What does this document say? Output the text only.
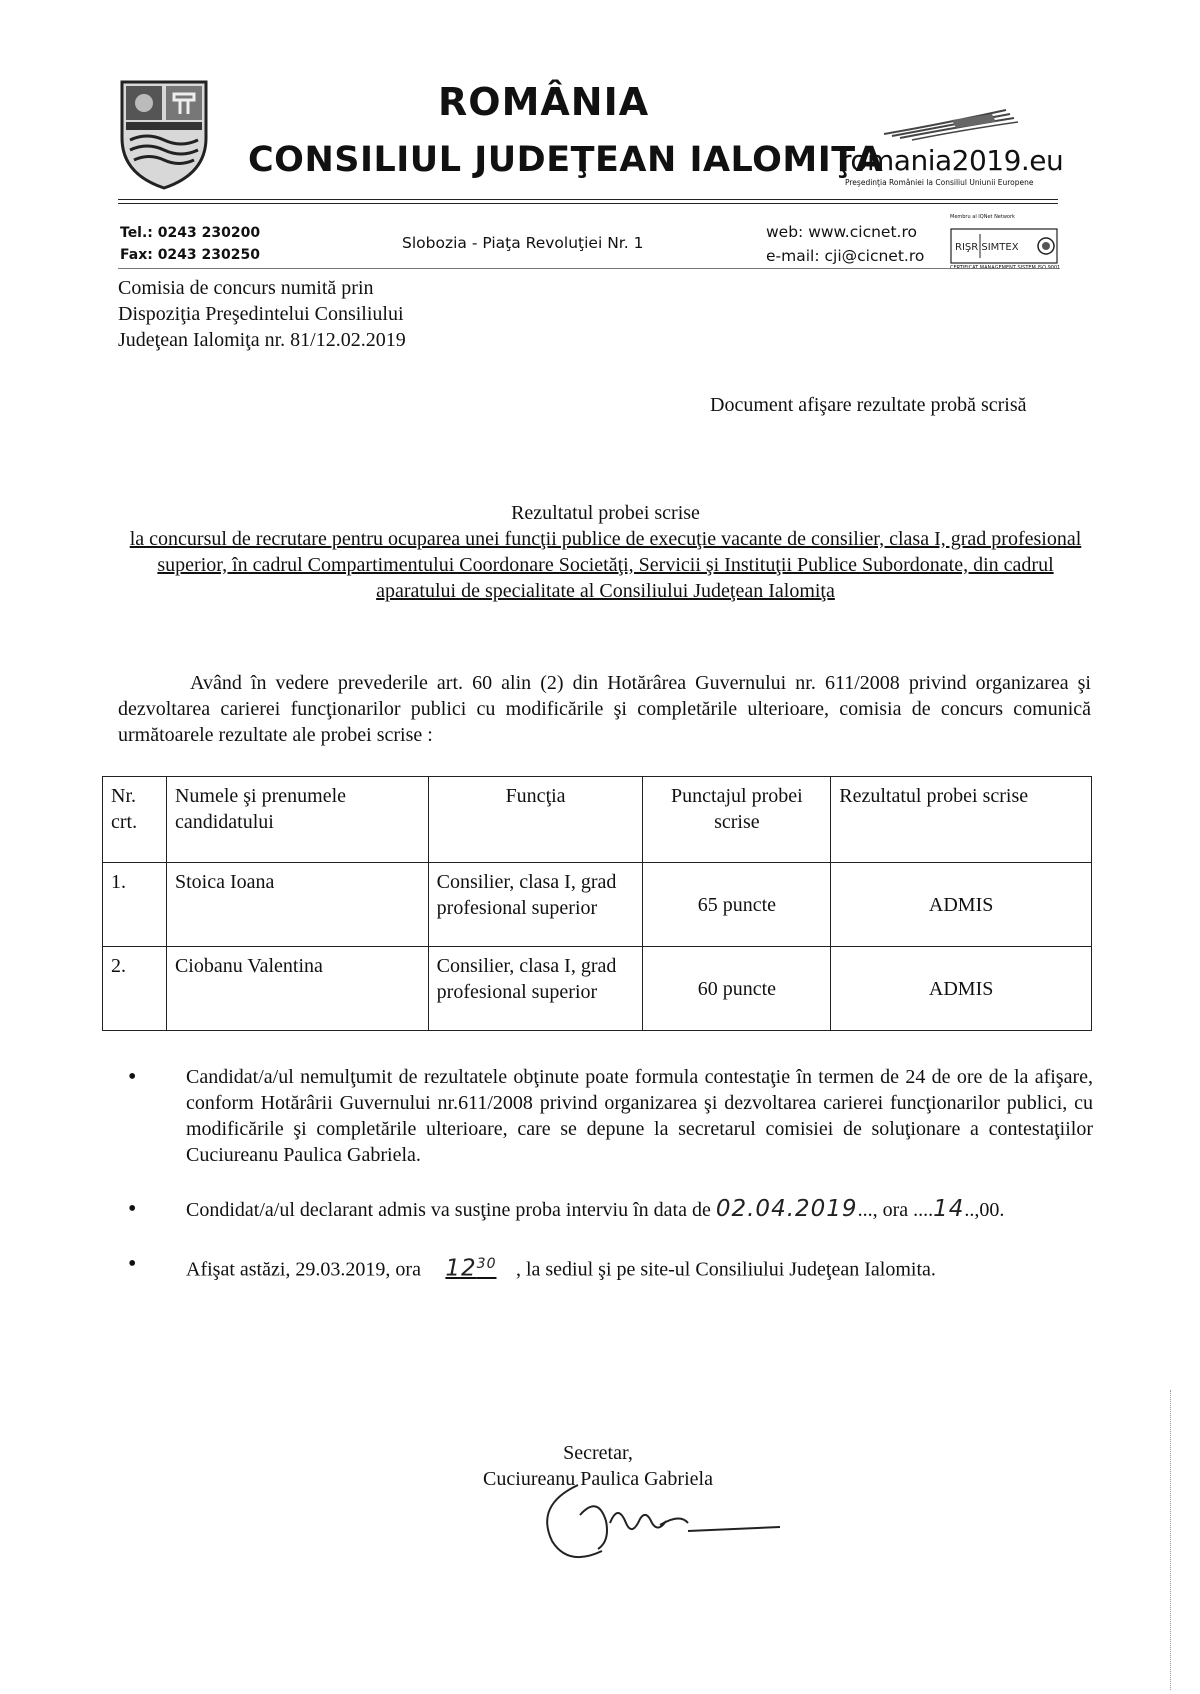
ROMÂNIA
CONSILIUL JUDEŢEAN IALOMIŢA
romania2019.eu
Preşedinţia României la Consiliul Uniunii Europene
Tel.: 0243 230200
Fax: 0243 230250
Slobozia - Piaţa Revoluţiei Nr. 1
web: www.cicnet.ro
e-mail: cji@cicnet.ro
Membru al IQNet Network
RIŞR SIMTEX
CERTIFICAT MANAGEMENT SISTEM ISO 9001
Comisia de concurs numită prin
Dispoziţia Preşedintelui Consiliului
Judeţean Ialomiţa nr. 81/12.02.2019
Document afişare rezultate probă scrisă
Rezultatul probei scrise
la concursul de recrutare pentru ocuparea unei funcţii publice de execuţie vacante de consilier, clasa I, grad profesional superior, în cadrul Compartimentului Coordonare Societăţi, Servicii şi Instituţii Publice Subordonate, din cadrul aparatului de specialitate al Consiliului Judeţean Ialomiţa
Având în vedere prevederile art. 60 alin (2) din Hotărârea Guvernului nr. 611/2008 privind organizarea şi dezvoltarea carierei funcţionarilor publici cu modificările şi completările ulterioare, comisia de concurs comunică următoarele rezultate ale probei scrise :
Nr. crt.	Numele şi prenumele candidatului	Funcţia	Punctajul probei scrise	Rezultatul probei scrise
1.	Stoica Ioana	Consilier, clasa I, grad profesional superior	65 puncte	ADMIS
2.	Ciobanu Valentina	Consilier, clasa I, grad profesional superior	60 puncte	ADMIS
• Candidat/a/ul nemulţumit de rezultatele obţinute poate formula contestaţie în termen de 24 de ore de la afişare, conform Hotărârii Guvernului nr.611/2008 privind organizarea şi dezvoltarea carierei funcţionarilor publici, cu modificările şi completările ulterioare, care se depune la secretarul comisiei de soluţionare a contestaţiilor Cuciureanu Paulica Gabriela.
• Condidat/a/ul declarant admis va susţine proba interviu în data de 02.04.2019..., ora ....14..,00.
• Afişat astăzi, 29.03.2019, ora $12^{30}$ , la sediul şi pe site-ul Consiliului Judeţean Ialomita.
Secretar,
Cuciureanu Paulica Gabriela
